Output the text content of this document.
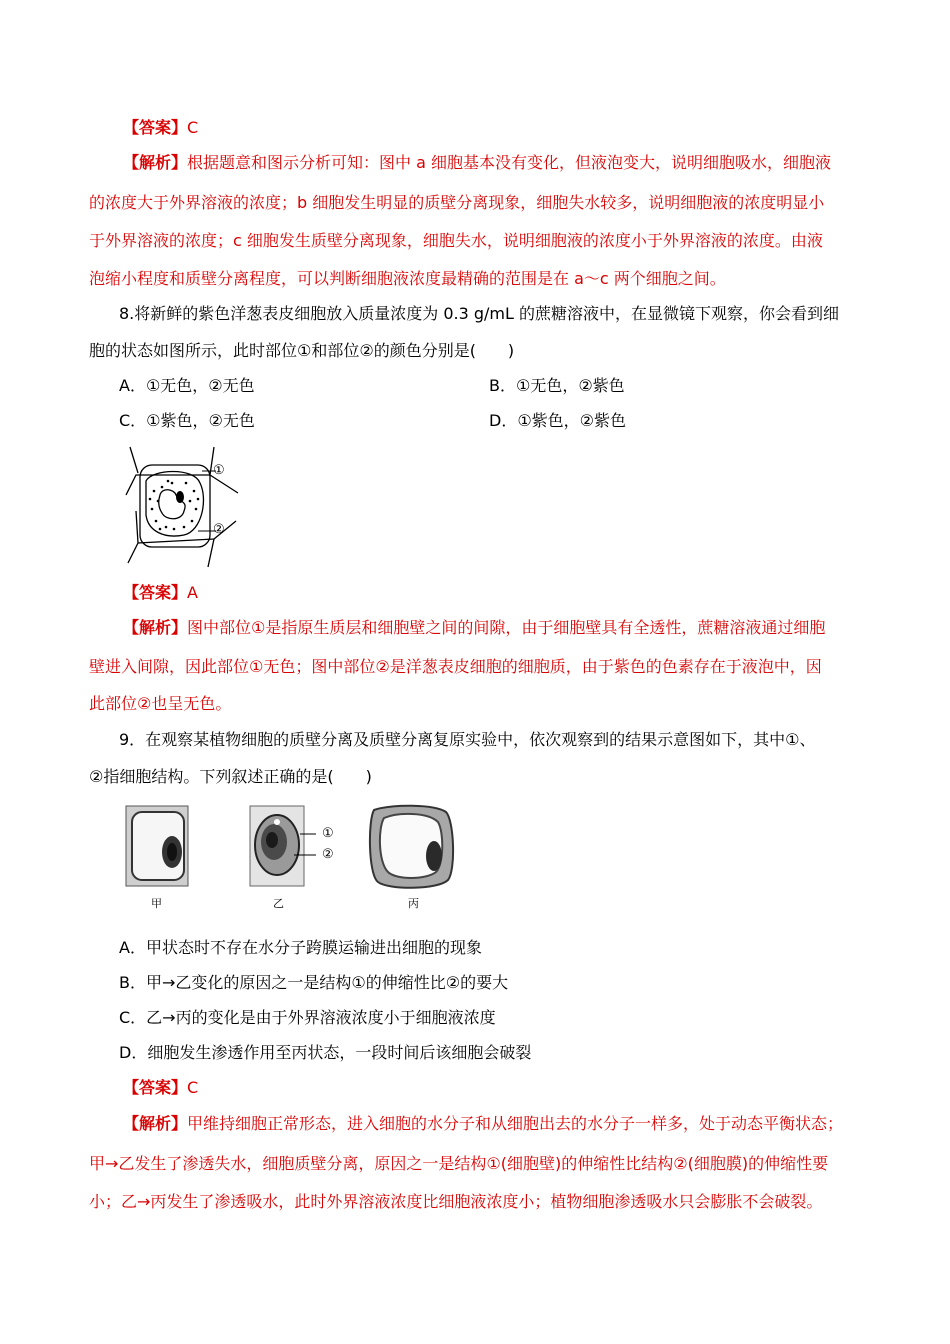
【答案】C
【解析】根据题意和图示分析可知：图中 a 细胞基本没有变化，但液泡变大，说明细胞吸水，细胞液
的浓度大于外界溶液的浓度；b 细胞发生明显的质壁分离现象，细胞失水较多，说明细胞液的浓度明显小
于外界溶液的浓度；c 细胞发生质壁分离现象，细胞失水，说明细胞液的浓度小于外界溶液的浓度。由液
泡缩小程度和质壁分离程度，可以判断细胞液浓度最精确的范围是在 a～c 两个细胞之间。
8.将新鲜的紫色洋葱表皮细胞放入质量浓度为 0.3 g/mL 的蔗糖溶液中，在显微镜下观察，你会看到细
胞的状态如图所示，此时部位①和部位②的颜色分别是(　　)
A．①无色，②无色	B．①无色，②紫色
C．①紫色，②无色	D．①紫色，②紫色
①
②
【答案】A
【解析】图中部位①是指原生质层和细胞壁之间的间隙，由于细胞壁具有全透性，蔗糖溶液通过细胞
壁进入间隙，因此部位①无色；图中部位②是洋葱表皮细胞的细胞质，由于紫色的色素存在于液泡中，因
此部位②也呈无色。
9．在观察某植物细胞的质壁分离及质壁分离复原实验中，依次观察到的结果示意图如下，其中①、
②指细胞结构。下列叙述正确的是(　　)
①
②
甲	乙	丙
A．甲状态时不存在水分子跨膜运输进出细胞的现象
B．甲→乙变化的原因之一是结构①的伸缩性比②的要大
C．乙→丙的变化是由于外界溶液浓度小于细胞液浓度
D．细胞发生渗透作用至丙状态，一段时间后该细胞会破裂
【答案】C
【解析】甲维持细胞正常形态，进入细胞的水分子和从细胞出去的水分子一样多，处于动态平衡状态；
甲→乙发生了渗透失水，细胞质壁分离，原因之一是结构①(细胞壁)的伸缩性比结构②(细胞膜)的伸缩性要
小；乙→丙发生了渗透吸水，此时外界溶液浓度比细胞液浓度小；植物细胞渗透吸水只会膨胀不会破裂。
